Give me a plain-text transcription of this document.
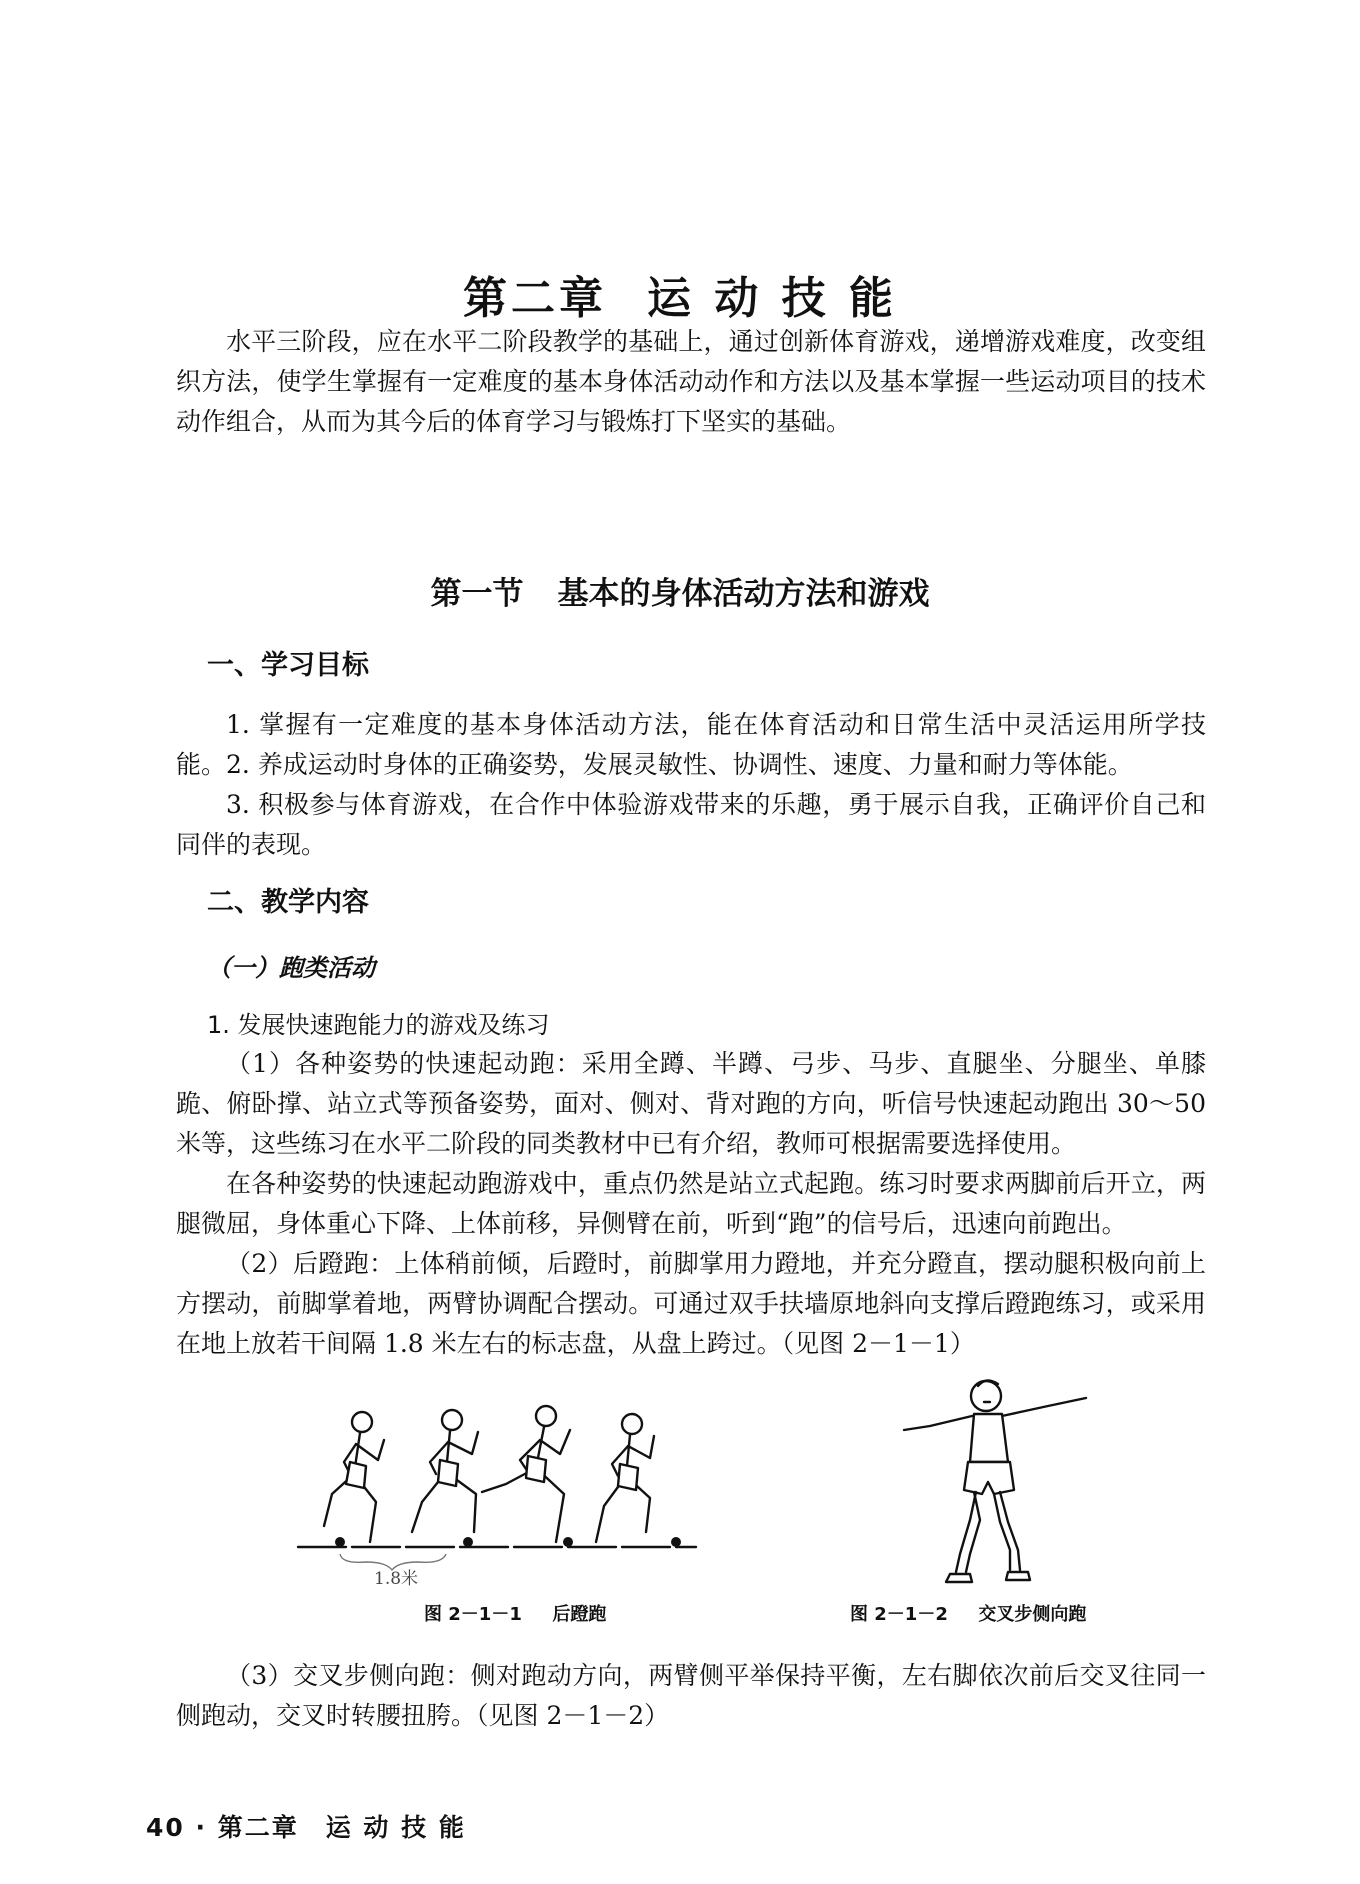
第二章 运 动 技 能
水平三阶段，应在水平二阶段教学的基础上，通过创新体育游戏，递增游戏难度，改变组织方法，使学生掌握有一定难度的基本身体活动动作和方法以及基本掌握一些运动项目的技术动作组合，从而为其今后的体育学习与锻炼打下坚实的基础。
第一节 基本的身体活动方法和游戏
一、学习目标
1. 掌握有一定难度的基本身体活动方法，能在体育活动和日常生活中灵活运用所学技能。 2. 养成运动时身体的正确姿势，发展灵敏性、协调性、速度、力量和耐力等体能。
3. 积极参与体育游戏，在合作中体验游戏带来的乐趣，勇于展示自我，正确评价自己和同伴的表现。
二、教学内容
（一）跑类活动
1. 发展快速跑能力的游戏及练习
（1）各种姿势的快速起动跑：采用全蹲、半蹲、弓步、马步、直腿坐、分腿坐、单膝跪、俯卧撑、站立式等预备姿势，面对、侧对、背对跑的方向，听信号快速起动跑出 30～50 米等，这些练习在水平二阶段的同类教材中已有介绍，教师可根据需要选择使用。
在各种姿势的快速起动跑游戏中，重点仍然是站立式起跑。练习时要求两脚前后开立，两腿微屈，身体重心下降、上体前移，异侧臂在前，听到“跑”的信号后，迅速向前跑出。
（2）后蹬跑：上体稍前倾，后蹬时，前脚掌用力蹬地，并充分蹬直，摆动腿积极向前上方摆动，前脚掌着地，两臂协调配合摆动。可通过双手扶墙原地斜向支撑后蹬跑练习，或采用在地上放若干间隔 1.8 米左右的标志盘，从盘上跨过。（见图 2－1－1）
1.8米
图 2－1－1 后蹬跑	图 2－1－2 交叉步侧向跑
（3）交叉步侧向跑：侧对跑动方向，两臂侧平举保持平衡，左右脚依次前后交叉往同一侧跑动，交叉时转腰扭胯。（见图 2－1－2）
40 · 第二章　运 动 技 能
